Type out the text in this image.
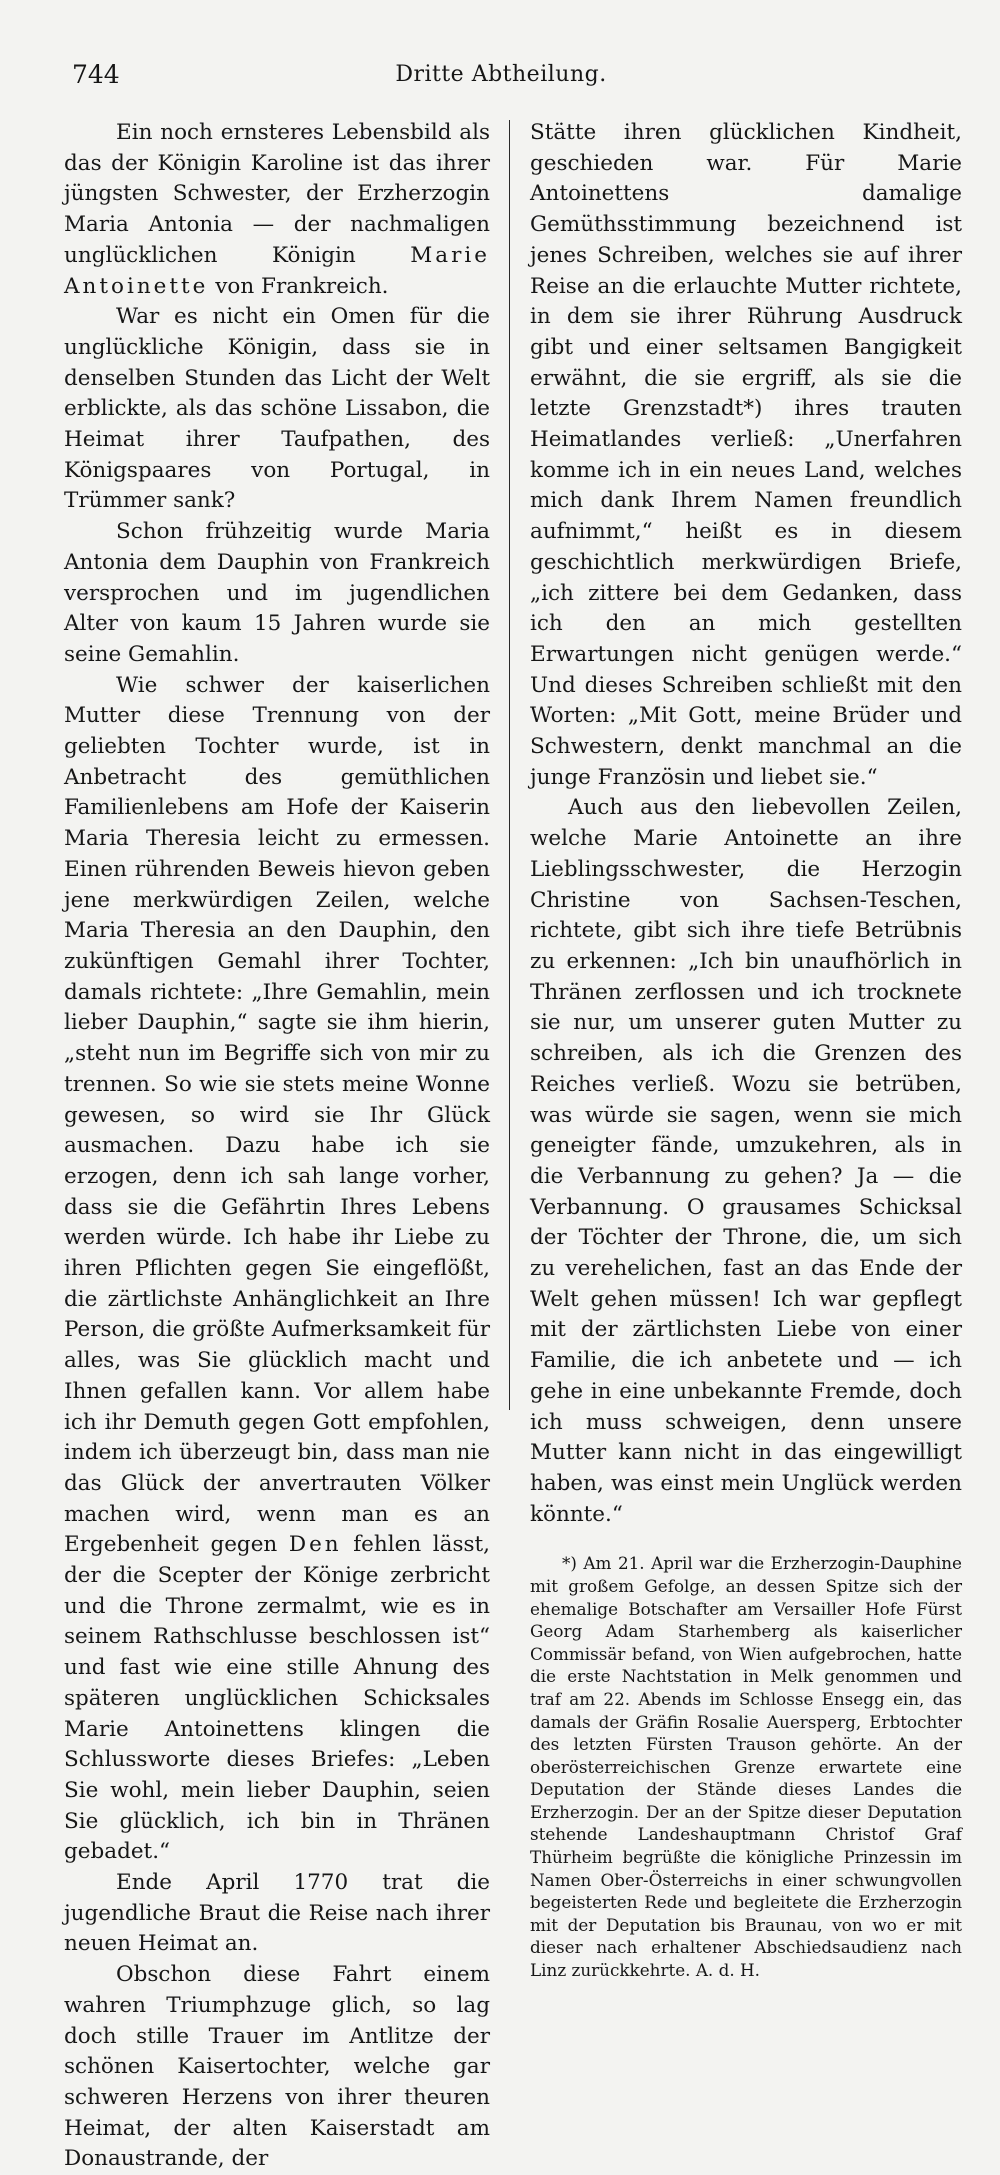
744	Dritte Abtheilung.

Ein noch ernsteres Lebensbild als das der Königin Karoline ist das ihrer jüngsten Schwester, der Erzherzogin Maria Antonia — der nachmaligen unglücklichen Königin Marie Antoinette von Frankreich.

War es nicht ein Omen für die unglückliche Königin, dass sie in denselben Stunden das Licht der Welt erblickte, als das schöne Lissabon, die Heimat ihrer Taufpathen, des Königspaares von Portugal, in Trümmer sank?

Schon frühzeitig wurde Maria Antonia dem Dauphin von Frankreich versprochen und im jugendlichen Alter von kaum 15 Jahren wurde sie seine Gemahlin.

Wie schwer der kaiserlichen Mutter diese Trennung von der geliebten Tochter wurde, ist in Anbetracht des gemüthlichen Familienlebens am Hofe der Kaiserin Maria Theresia leicht zu ermessen. Einen rührenden Beweis hievon geben jene merkwürdigen Zeilen, welche Maria Theresia an den Dauphin, den zukünftigen Gemahl ihrer Tochter, damals richtete: „Ihre Gemahlin, mein lieber Dauphin,“ sagte sie ihm hierin, „steht nun im Begriffe sich von mir zu trennen. So wie sie stets meine Wonne gewesen, so wird sie Ihr Glück ausmachen. Dazu habe ich sie erzogen, denn ich sah lange vorher, dass sie die Gefährtin Ihres Lebens werden würde. Ich habe ihr Liebe zu ihren Pflichten gegen Sie eingeflößt, die zärtlichste Anhänglichkeit an Ihre Person, die größte Aufmerksamkeit für alles, was Sie glücklich macht und Ihnen gefallen kann. Vor allem habe ich ihr Demuth gegen Gott empfohlen, indem ich überzeugt bin, dass man nie das Glück der anvertrauten Völker machen wird, wenn man es an Ergebenheit gegen Den fehlen lässt, der die Scepter der Könige zerbricht und die Throne zermalmt, wie es in seinem Rathschlusse beschlossen ist“ und fast wie eine stille Ahnung des späteren unglücklichen Schicksales Marie Antoinettens klingen die Schlussworte dieses Briefes: „Leben Sie wohl, mein lieber Dauphin, seien Sie glücklich, ich bin in Thränen gebadet.“

Ende April 1770 trat die jugendliche Braut die Reise nach ihrer neuen Heimat an.

Obschon diese Fahrt einem wahren Triumphzuge glich, so lag doch stille Trauer im Antlitze der schönen Kaisertochter, welche gar schweren Herzens von ihrer theuren Heimat, der alten Kaiserstadt am Donaustrande, der

Stätte ihren glücklichen Kindheit, geschieden war. Für Marie Antoinettens damalige Gemüthsstimmung bezeichnend ist jenes Schreiben, welches sie auf ihrer Reise an die erlauchte Mutter richtete, in dem sie ihrer Rührung Ausdruck gibt und einer seltsamen Bangigkeit erwähnt, die sie ergriff, als sie die letzte Grenzstadt*) ihres trauten Heimatlandes verließ: „Unerfahren komme ich in ein neues Land, welches mich dank Ihrem Namen freundlich aufnimmt,“ heißt es in diesem geschichtlich merkwürdigen Briefe, „ich zittere bei dem Gedanken, dass ich den an mich gestellten Erwartungen nicht genügen werde.“ Und dieses Schreiben schließt mit den Worten: „Mit Gott, meine Brüder und Schwestern, denkt manchmal an die junge Französin und liebet sie.“

Auch aus den liebevollen Zeilen, welche Marie Antoinette an ihre Lieblingsschwester, die Herzogin Christine von Sachsen-Teschen, richtete, gibt sich ihre tiefe Betrübnis zu erkennen: „Ich bin unaufhörlich in Thränen zerflossen und ich trocknete sie nur, um unserer guten Mutter zu schreiben, als ich die Grenzen des Reiches verließ. Wozu sie betrüben, was würde sie sagen, wenn sie mich geneigter fände, umzukehren, als in die Verbannung zu gehen? Ja — die Verbannung. O grausames Schicksal der Töchter der Throne, die, um sich zu verehelichen, fast an das Ende der Welt gehen müssen! Ich war gepflegt mit der zärtlichsten Liebe von einer Familie, die ich anbetete und — ich gehe in eine unbekannte Fremde, doch ich muss schweigen, denn unsere Mutter kann nicht in das eingewilligt haben, was einst mein Unglück werden könnte.“

*) Am 21. April war die Erzherzogin-Dauphine mit großem Gefolge, an dessen Spitze sich der ehemalige Botschafter am Versailler Hofe Fürst Georg Adam Starhemberg als kaiserlicher Commissär befand, von Wien aufgebrochen, hatte die erste Nachtstation in Melk genommen und traf am 22. Abends im Schlosse Ensegg ein, das damals der Gräfin Rosalie Auersperg, Erbtochter des letzten Fürsten Trauson gehörte. An der oberösterreichischen Grenze erwartete eine Deputation der Stände dieses Landes die Erzherzogin. Der an der Spitze dieser Deputation stehende Landeshauptmann Christof Graf Thürheim begrüßte die königliche Prinzessin im Namen Ober-Österreichs in einer schwungvollen begeisterten Rede und begleitete die Erzherzogin mit der Deputation bis Braunau, von wo er mit dieser nach erhaltener Abschiedsaudienz nach Linz zurückkehrte. A. d. H.
